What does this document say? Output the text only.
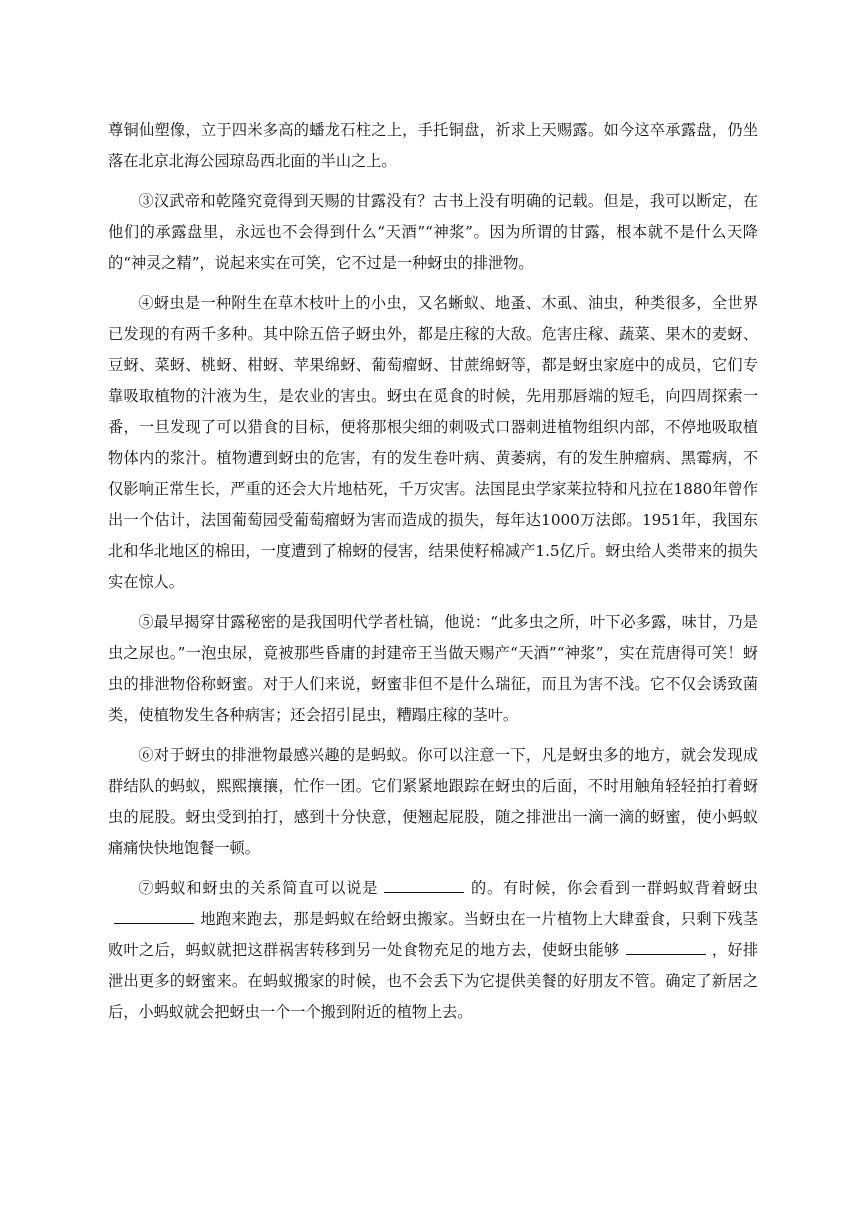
尊铜仙塑像，立于四米多高的蟠龙石柱之上，手托铜盘，祈求上天赐露。如今这卒承露盘，仍坐落在北京北海公园琼岛西北面的半山之上。

③汉武帝和乾隆究竟得到天赐的甘露没有？古书上没有明确的记载。但是，我可以断定，在他们的承露盘里，永远也不会得到什么“天酒”“神浆”。因为所谓的甘露，根本就不是什么天降的“神灵之精”，说起来实在可笑，它不过是一种蚜虫的排泄物。

④蚜虫是一种附生在草木枝叶上的小虫，又名蜥蚁、地蚤、木虱、油虫，种类很多，全世界已发现的有两千多种。其中除五倍子蚜虫外，都是庄稼的大敌。危害庄稼、蔬菜、果木的麦蚜、豆蚜、菜蚜、桃蚜、柑蚜、苹果绵蚜、葡萄瘤蚜、甘蔗绵蚜等，都是蚜虫家庭中的成员，它们专靠吸取植物的汁液为生，是农业的害虫。蚜虫在觅食的时候，先用那唇端的短毛，向四周探索一番，一旦发现了可以猎食的目标，便将那根尖细的刺吸式口器刺进植物组织内部，不停地吸取植物体内的浆汁。植物遭到蚜虫的危害，有的发生卷叶病、黄萎病，有的发生肿瘤病、黑霉病，不仅影响正常生长，严重的还会大片地枯死，千万灾害。法国昆虫学家莱拉特和凡拉在1880年曾作出一个估计，法国葡萄园受葡萄瘤蚜为害而造成的损失，每年达1000万法郎。1951年，我国东北和华北地区的棉田，一度遭到了棉蚜的侵害，结果使籽棉减产1.5亿斤。蚜虫给人类带来的损失实在惊人。

⑤最早揭穿甘露秘密的是我国明代学者杜镐，他说：“此多虫之所，叶下必多露，味甘，乃是虫之尿也。”一泡虫尿，竟被那些昏庸的封建帝王当做天赐产“天酒”“神浆”，实在荒唐得可笑！蚜虫的排泄物俗称蚜蜜。对于人们来说，蚜蜜非但不是什么瑞征，而且为害不浅。它不仅会诱致菌类，使植物发生各种病害；还会招引昆虫，糟蹋庄稼的茎叶。

⑥对于蚜虫的排泄物最感兴趣的是蚂蚁。你可以注意一下，凡是蚜虫多的地方，就会发现成群结队的蚂蚁，熙熙攘攘，忙作一团。它们紧紧地跟踪在蚜虫的后面，不时用触角轻轻拍打着蚜虫的屁股。蚜虫受到拍打，感到十分快意，便翘起屁股，随之排泄出一滴一滴的蚜蜜，使小蚂蚁痛痛快快地饱餐一顿。

⑦蚂蚁和蚜虫的关系简直可以说是	的。有时候，你会看到一群蚂蚁背着蚜虫地跑来跑去，那是蚂蚁在给蚜虫搬家。当蚜虫在一片植物上大肆蚕食，只剩下残茎败叶之后，蚂蚁就把这群祸害转移到另一处食物充足的地方去，使蚜虫能够	，好排泄出更多的蚜蜜来。在蚂蚁搬家的时候，也不会丢下为它提供美餐的好朋友不管。确定了新居之后，小蚂蚁就会把蚜虫一个一个搬到附近的植物上去。
